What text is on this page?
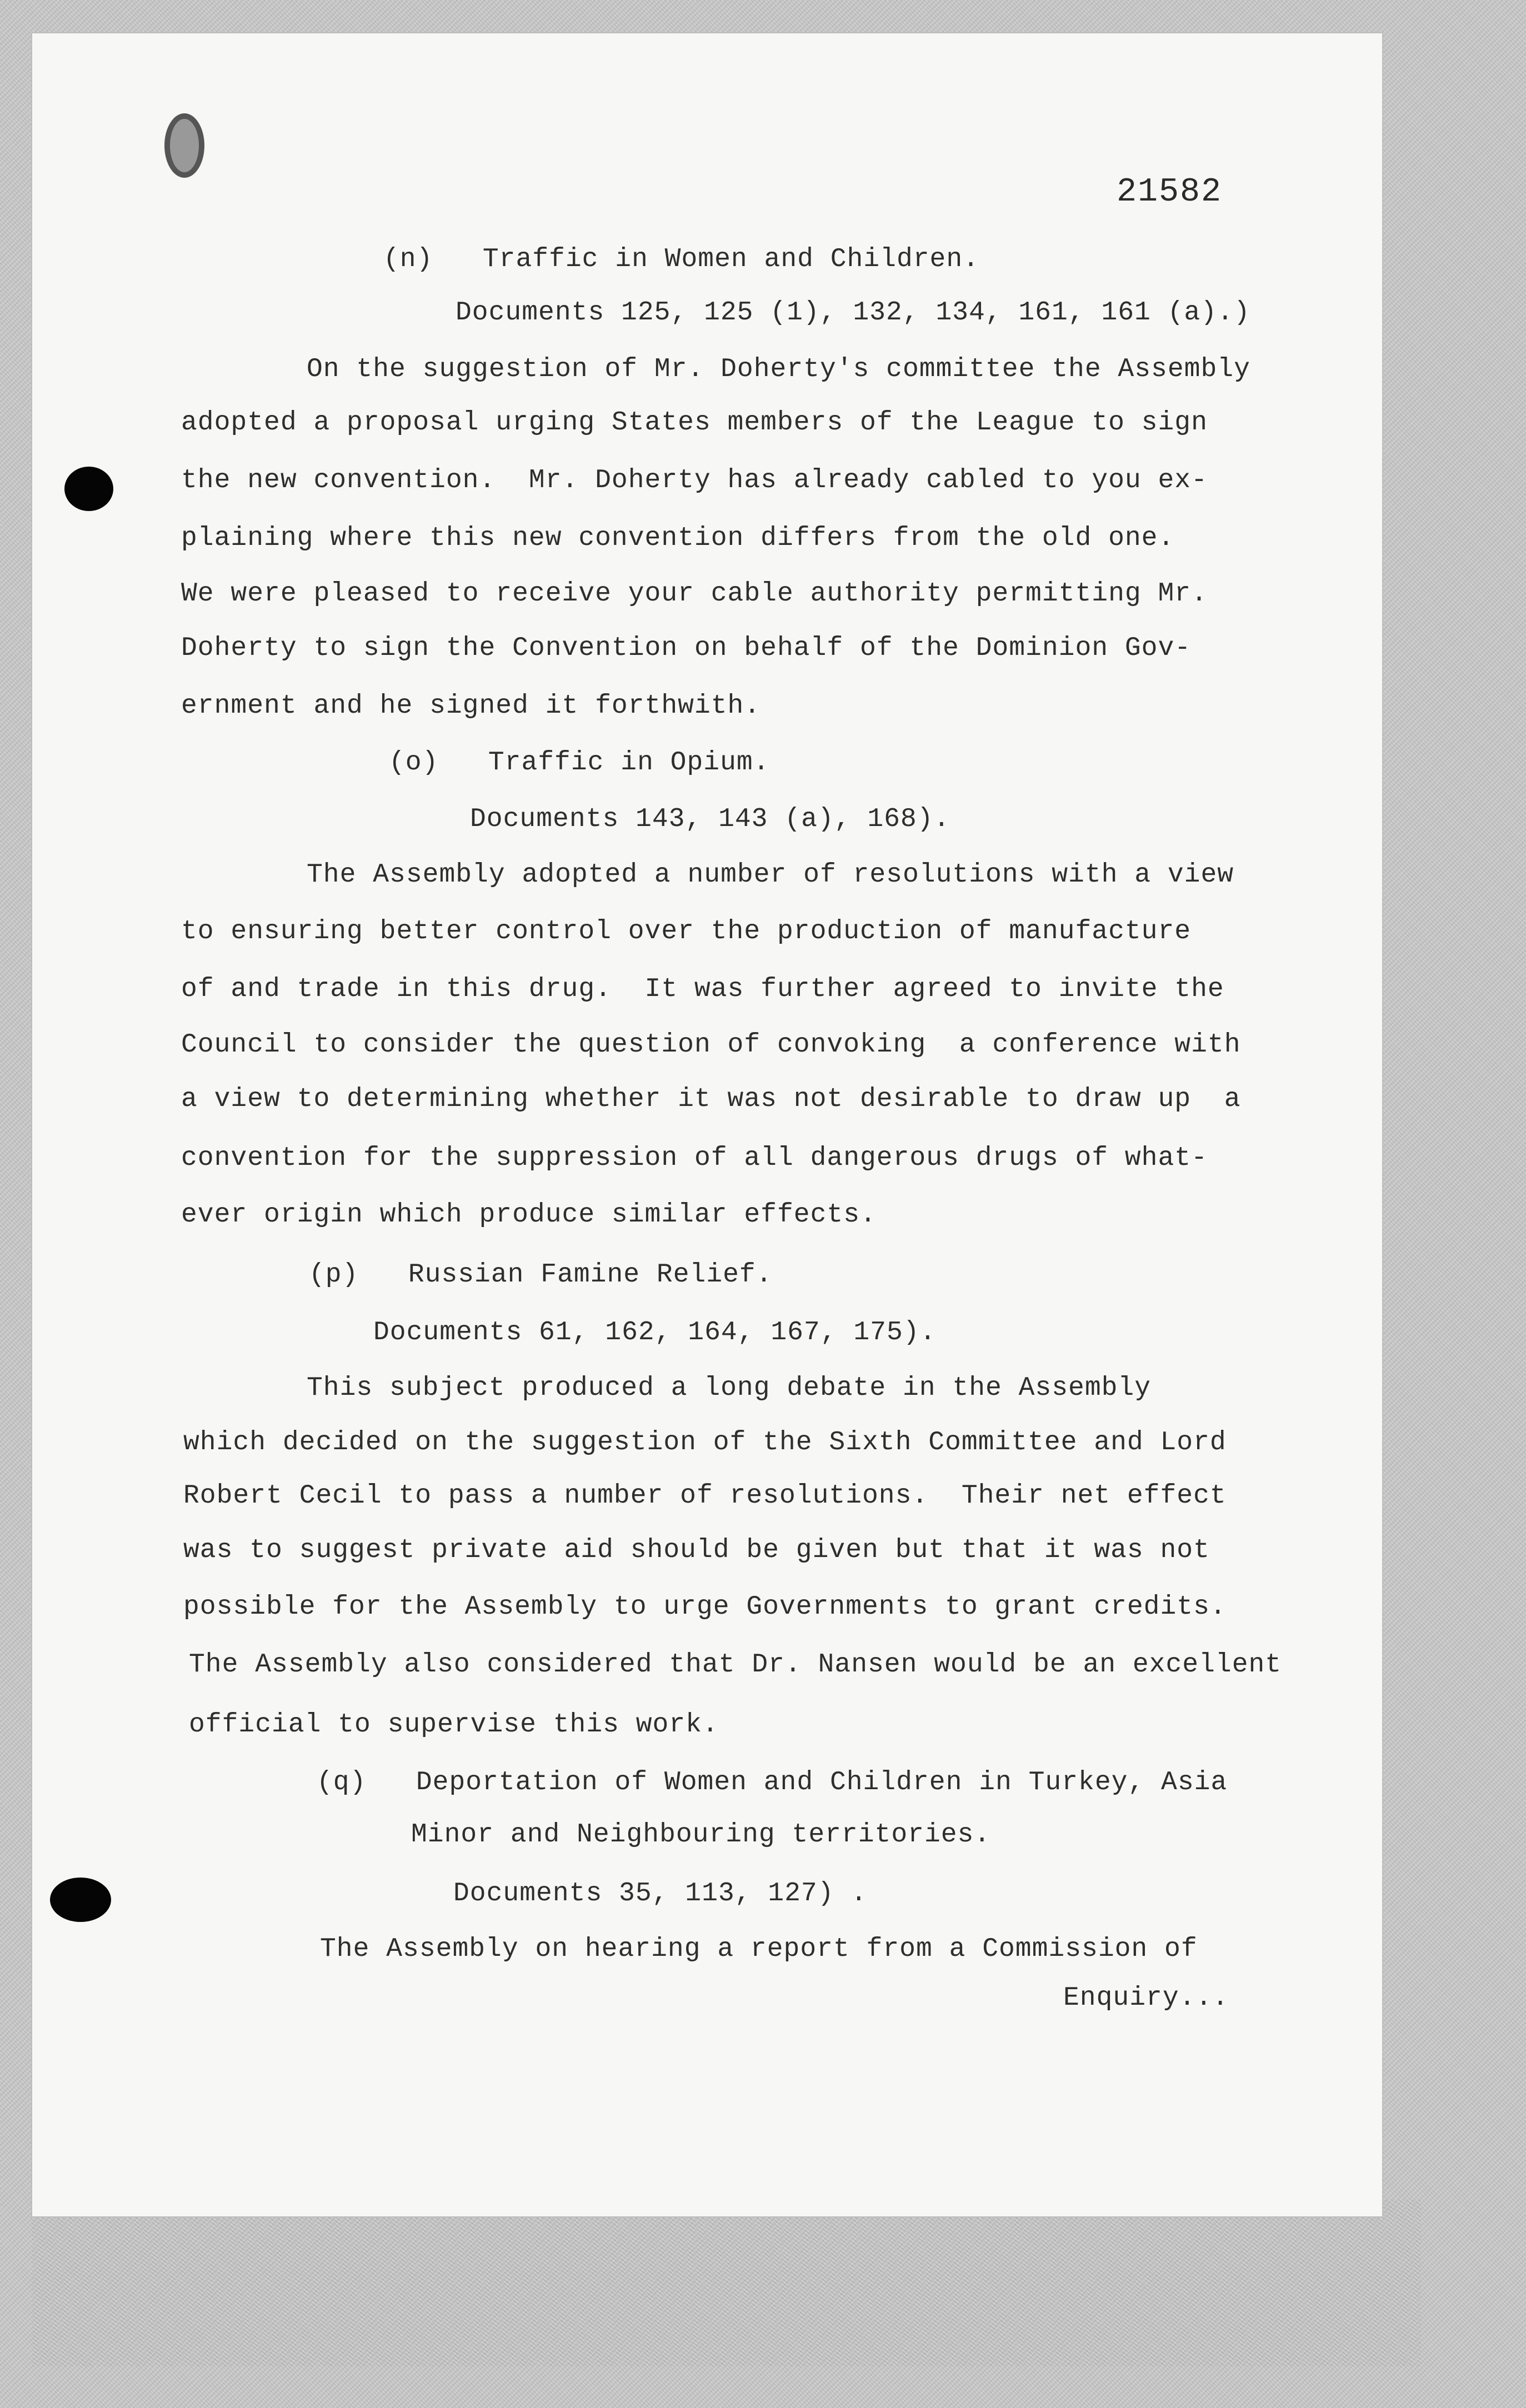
21582
(n)   Traffic in Women and Children.
Documents 125, 125 (1), 132, 134, 161, 161 (a).)
On the suggestion of Mr. Doherty's committee the Assembly
adopted a proposal urging States members of the League to sign
the new convention.  Mr. Doherty has already cabled to you ex-
plaining where this new convention differs from the old one.
We were pleased to receive your cable authority permitting Mr.
Doherty to sign the Convention on behalf of the Dominion Gov-
ernment and he signed it forthwith.
(o)   Traffic in Opium.
Documents 143, 143 (a), 168).
The Assembly adopted a number of resolutions with a view
to ensuring better control over the production of manufacture
of and trade in this drug.  It was further agreed to invite the
Council to consider the question of convoking  a conference with
a view to determining whether it was not desirable to draw up  a
convention for the suppression of all dangerous drugs of what-
ever origin which produce similar effects.
(p)   Russian Famine Relief.
Documents 61, 162, 164, 167, 175).
This subject produced a long debate in the Assembly
which decided on the suggestion of the Sixth Committee and Lord
Robert Cecil to pass a number of resolutions.  Their net effect
was to suggest private aid should be given but that it was not
possible for the Assembly to urge Governments to grant credits.
The Assembly also considered that Dr. Nansen would be an excellent
official to supervise this work.
(q)   Deportation of Women and Children in Turkey, Asia
Minor and Neighbouring territories.
Documents 35, 113, 127) .
The Assembly on hearing a report from a Commission of
Enquiry...
